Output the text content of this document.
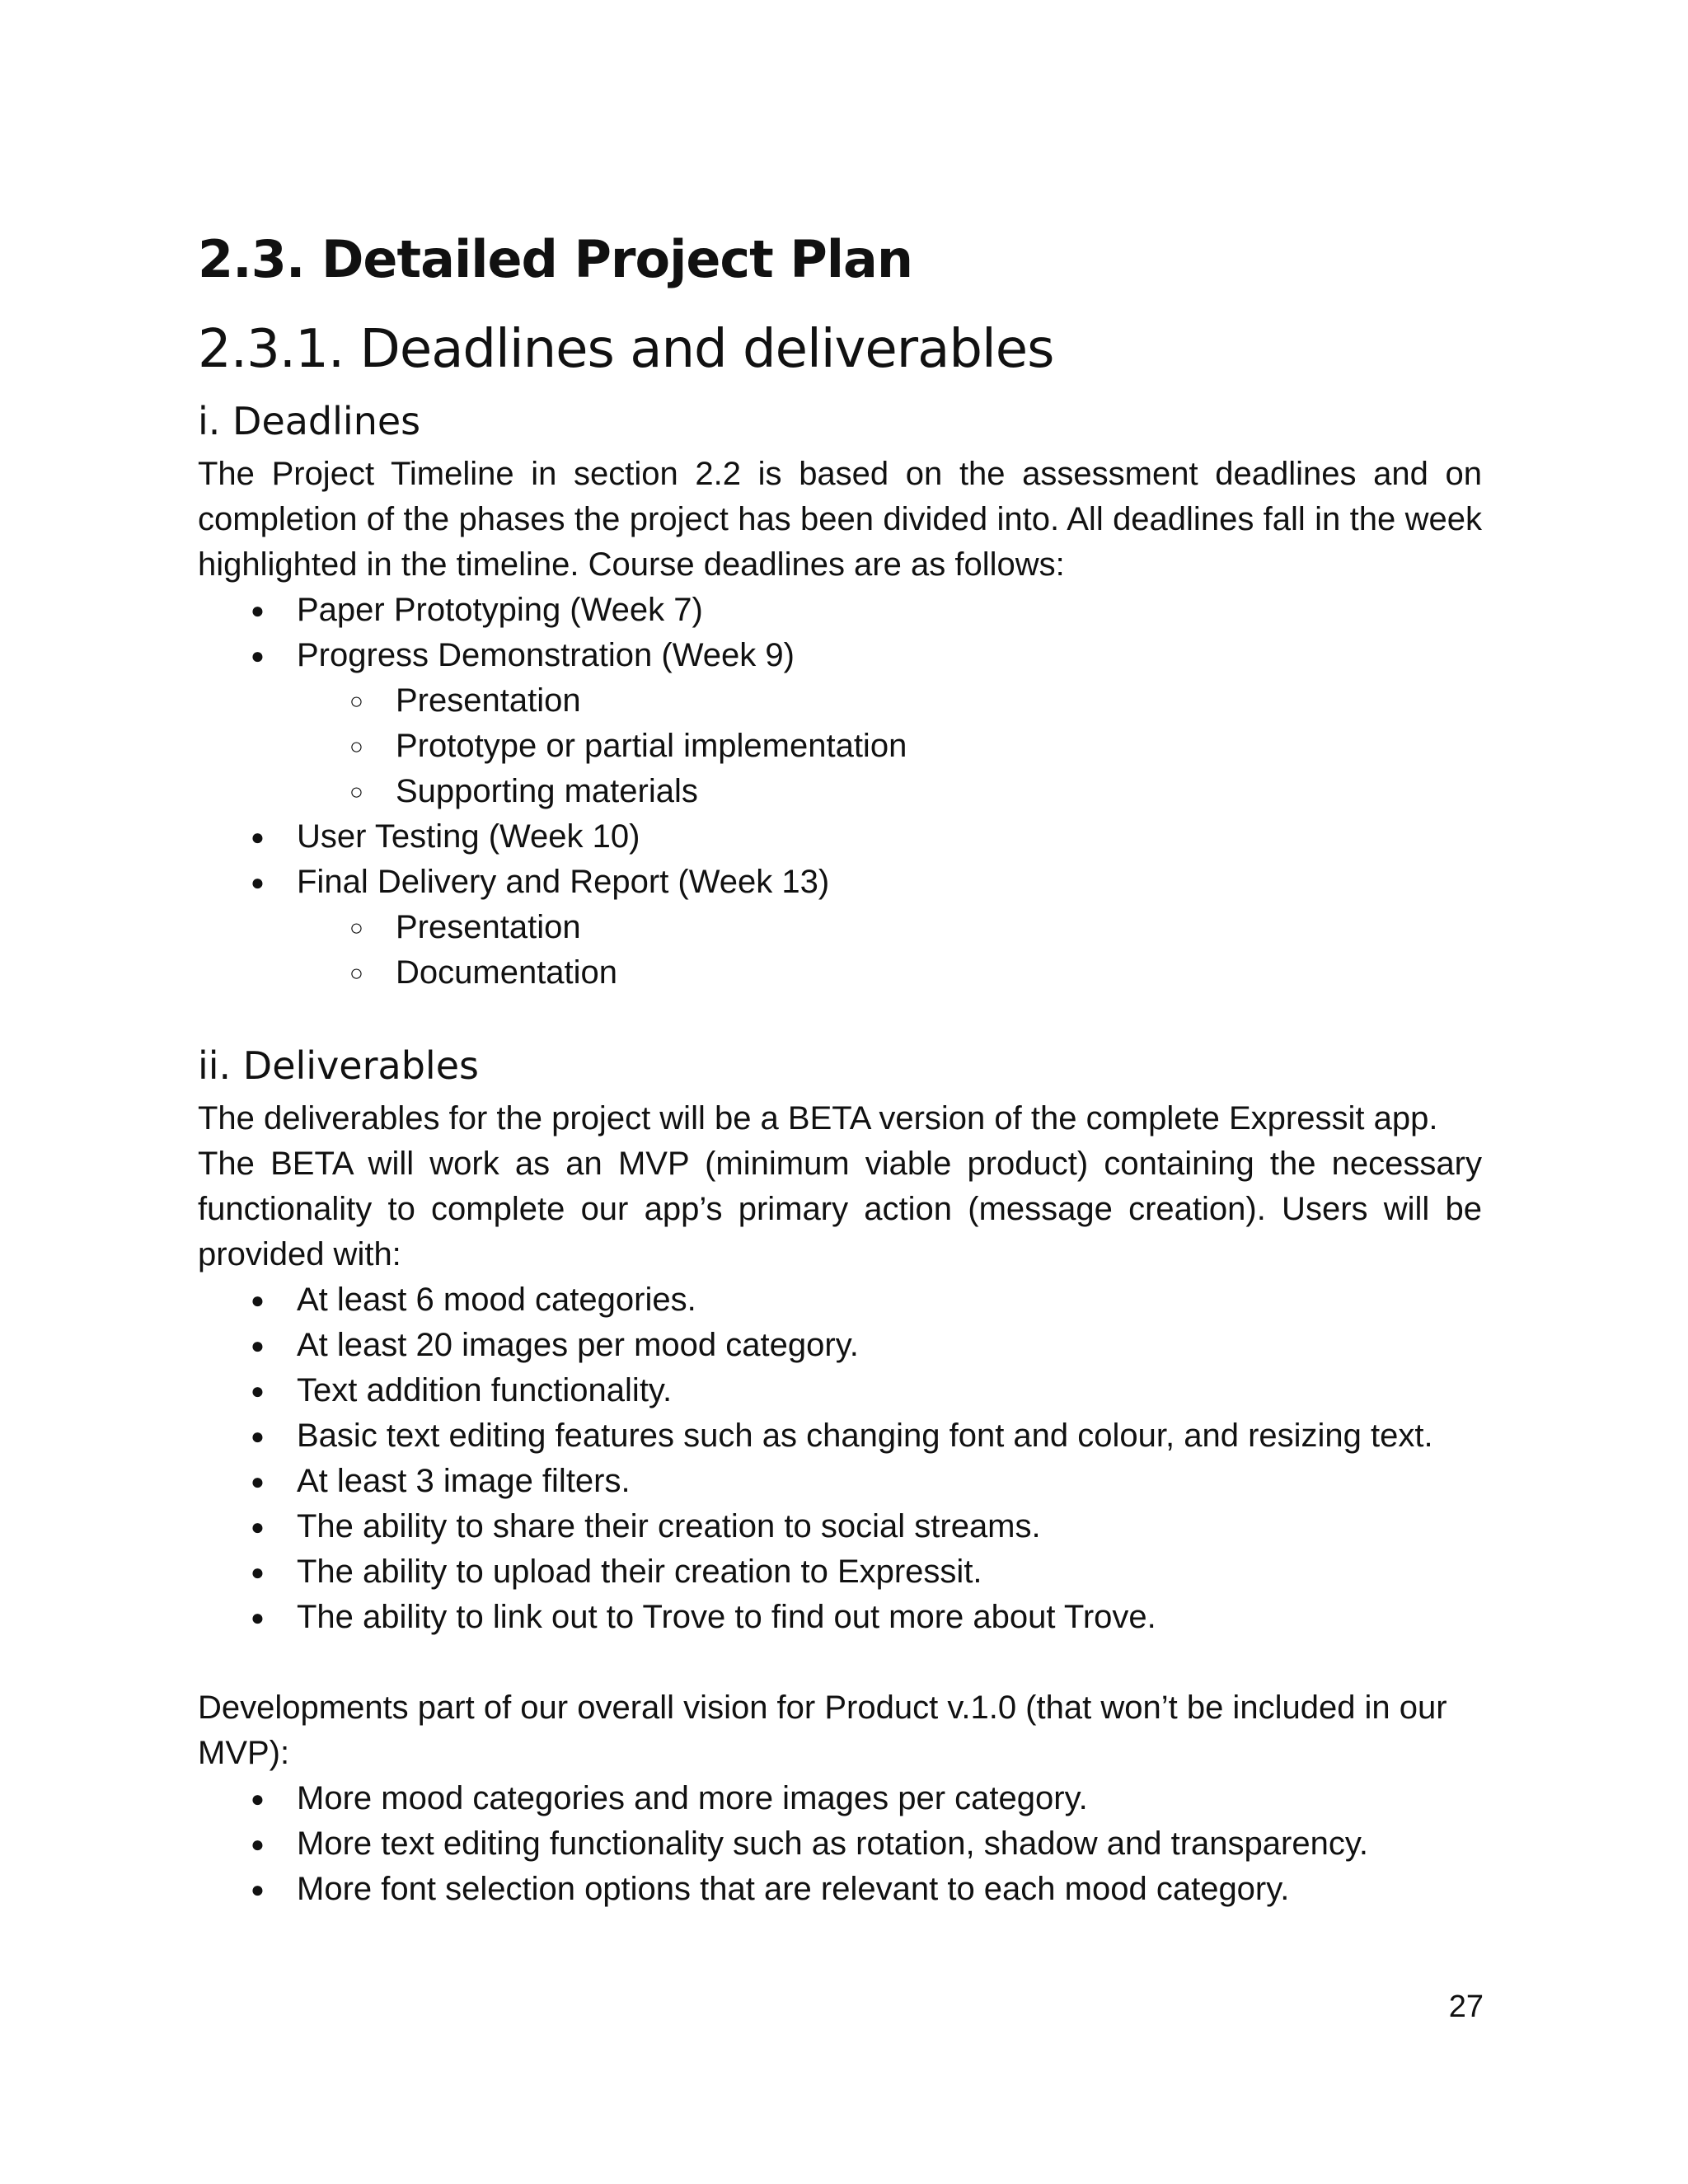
2.3. Detailed Project Plan
2.3.1. Deadlines and deliverables
i. Deadlines

The Project Timeline in section 2.2 is based on the assessment deadlines and on completion of the phases the project has been divided into. All deadlines fall in the week highlighted in the timeline. Course deadlines are as follows:

● Paper Prototyping (Week 7)
● Progress Demonstration (Week 9)
○ Presentation
○ Prototype or partial implementation
○ Supporting materials
● User Testing (Week 10)
● Final Delivery and Report (Week 13)
○ Presentation
○ Documentation
ii. Deliverables

The deliverables for the project will be a BETA version of the complete Expressit app.

The BETA will work as an MVP (minimum viable product) containing the necessary functionality to complete our app’s primary action (message creation). Users will be provided with:

● At least 6 mood categories.
● At least 20 images per mood category.
● Text addition functionality.
● Basic text editing features such as changing font and colour, and resizing text.
● At least 3 image filters.
● The ability to share their creation to social streams.
● The ability to upload their creation to Expressit.
● The ability to link out to Trove to find out more about Trove.

Developments part of our overall vision for Product v.1.0 (that won’t be included in our MVP):

● More mood categories and more images per category.
● More text editing functionality such as rotation, shadow and transparency.
● More font selection options that are relevant to each mood category.
27
